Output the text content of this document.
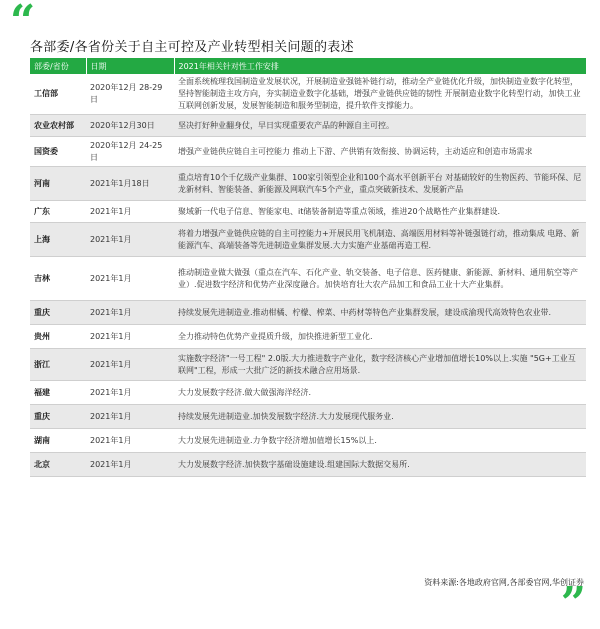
“
各部委/各省份关于自主可控及产业转型相关问题的表述
部委/省份	日期	2021年相关针对性工作安排
工信部	2020年12月 28-29 日	全面系统梳理我国制造业发展状况，开展制造业强链补链行动，推动全产业链优化升级，加快制造业数字化转型，坚持智能制造主攻方向，夯实制造业数字化基础，增强产业链供应链的韧性 开展制造业数字化转型行动，加快工业互联网创新发展，发展智能制造和服务型制造，提升软件支撑能力。
农业农村部	2020年12月30日	坚决打好种业翻身仗，早日实现重要农产品的种源自主可控。
国资委	2020年12月 24-25 日	增强产业链供应链自主可控能力 推动上下游、产供销有效衔接、协调运转，主动适应和创造市场需求
河南	2021年1月18日	重点培育10个千亿级产业集群、100家引领型企业和100个高水平创新平台 对基础较好的生物医药、节能环保、尼龙新材料、智能装备、新能源及网联汽车5个产业，重点突破新技术、发展新产品
广东	2021年1月	聚域新一代电子信息、智能家电、it储装备制造等重点领域，推进20个战略性产业集群建设.
上海	2021年1月	将着力增强产业链供应链的自主可控能力+开展民用飞机制造、高端医用材料等补链强链行动，推动集成 电路、新能源汽车、高端装备等先进制造业集群发展.大力实施产业基础再造工程.
吉林	2021年1月	推动制造业做大做强（重点在汽车、石化产业、轨交装备、电子信息、医药健康、新能源、新材料、通用航空等产业）.促进数字经济和优势产业深度融合。加快培育壮大农产品加工和食品工业十大产业集群。
重庆	2021年1月	持续发展先进制造业.推动柑橘、柠檬、榨菜、中药材等特色产业集群发展，建设成渝现代高效特色农业带.
贵州	2021年1月	全力推动特色优势产业提质升级，加快推进新型工业化.
浙江	2021年1月	实施数字经济"一号工程" 2.0版.大力推进数字产业化，数字经济核心产业增加值增长10%以上.实施 "5G+工业互联网"工程，形成一大批广泛的新技术融合应用场景.
福建	2021年1月	大力发展数字经济.做大做强海洋经济.
重庆	2021年1月	持续发展先进制造业.加快发展数字经济.大力发展现代服务业.
湖南	2021年1月	大力发展先进制造业.力争数字经济增加值增长15%以上.
北京	2021年1月	大力发展数字经济.加快数字基础设施建设.组建国际大数据交易所.
资料来源:各地政府官网,各部委官网,华创证券
”
